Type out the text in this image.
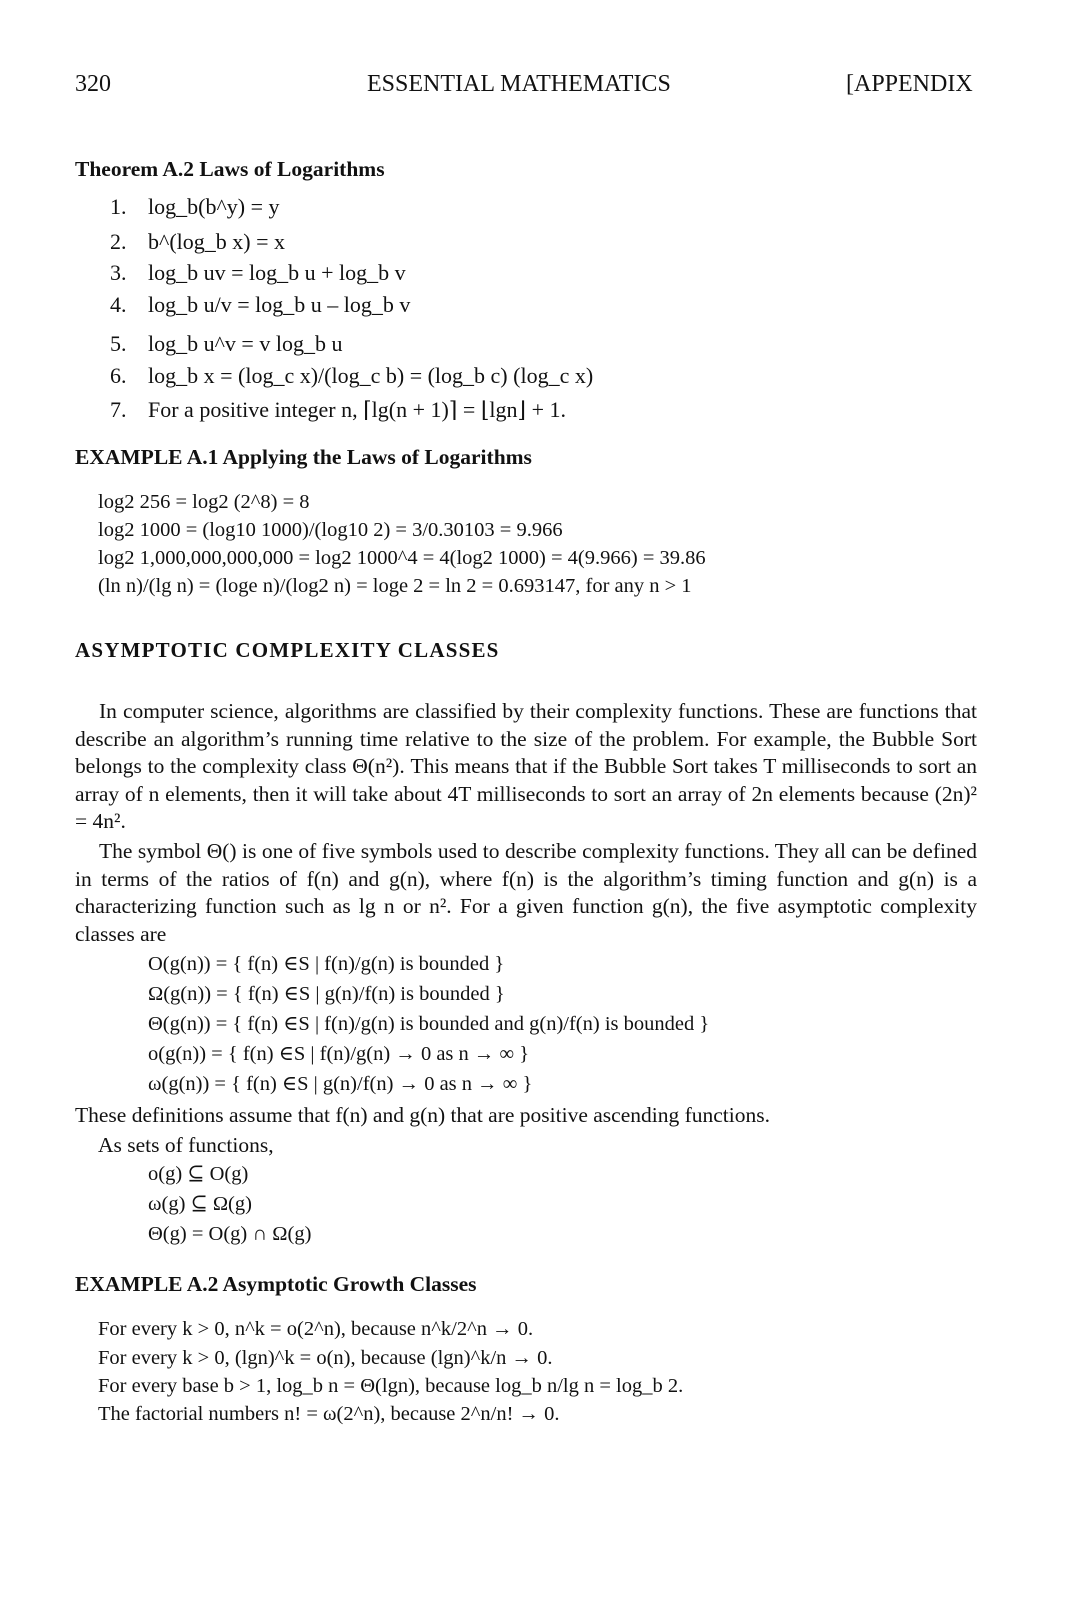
320	ESSENTIAL MATHEMATICS	[APPENDIX
Theorem A.2 Laws of Logarithms
1. log_b(b^y) = y
2. b^(log_b x) = x
3. log_b uv = log_b u + log_b v
4. log_b u/v = log_b u – log_b v
5. log_b u^v = v log_b u
6. log_b x = (log_c x)/(log_c b) = (log_b c) (log_c x)
7. For a positive integer n, ⌈lg(n + 1)⌉ = ⌊lgn⌋ + 1.
EXAMPLE A.1 Applying the Laws of Logarithms
log2 256 = log2 (2^8) = 8
log2 1000 = (log10 1000)/(log10 2) = 3/0.30103 = 9.966
log2 1,000,000,000,000 = log2 1000^4 = 4(log2 1000) = 4(9.966) = 39.86
(ln n)/(lg n) = (loge n)/(log2 n) = loge 2 = ln 2 = 0.693147, for any n > 1
ASYMPTOTIC COMPLEXITY CLASSES
In computer science, algorithms are classified by their complexity functions. These are functions that describe an algorithm’s running time relative to the size of the problem. For example, the Bubble Sort belongs to the complexity class Θ(n²). This means that if the Bubble Sort takes T milliseconds to sort an array of n elements, then it will take about 4T milliseconds to sort an array of 2n elements because (2n)² = 4n².
The symbol Θ() is one of five symbols used to describe complexity functions. They all can be defined in terms of the ratios of f(n) and g(n), where f(n) is the algorithm’s timing function and g(n) is a characterizing function such as lg n or n². For a given function g(n), the five asymptotic complexity classes are
O(g(n)) = { f(n) ∈S | f(n)/g(n) is bounded }
Ω(g(n)) = { f(n) ∈S | g(n)/f(n) is bounded }
Θ(g(n)) = { f(n) ∈S | f(n)/g(n) is bounded and g(n)/f(n) is bounded }
o(g(n)) = { f(n) ∈S | f(n)/g(n) → 0 as n → ∞ }
ω(g(n)) = { f(n) ∈S | g(n)/f(n) → 0 as n → ∞ }
These definitions assume that f(n) and g(n) that are positive ascending functions.
As sets of functions,
o(g) ⊆ O(g)
ω(g) ⊆ Ω(g)
Θ(g) = O(g) ∩ Ω(g)
EXAMPLE A.2 Asymptotic Growth Classes
For every k > 0, n^k = o(2^n), because n^k/2^n → 0.
For every k > 0, (lgn)^k = o(n), because (lgn)^k/n → 0.
For every base b > 1, log_b n = Θ(lgn), because log_b n/lg n = log_b 2.
The factorial numbers n! = ω(2^n), because 2^n/n! → 0.
